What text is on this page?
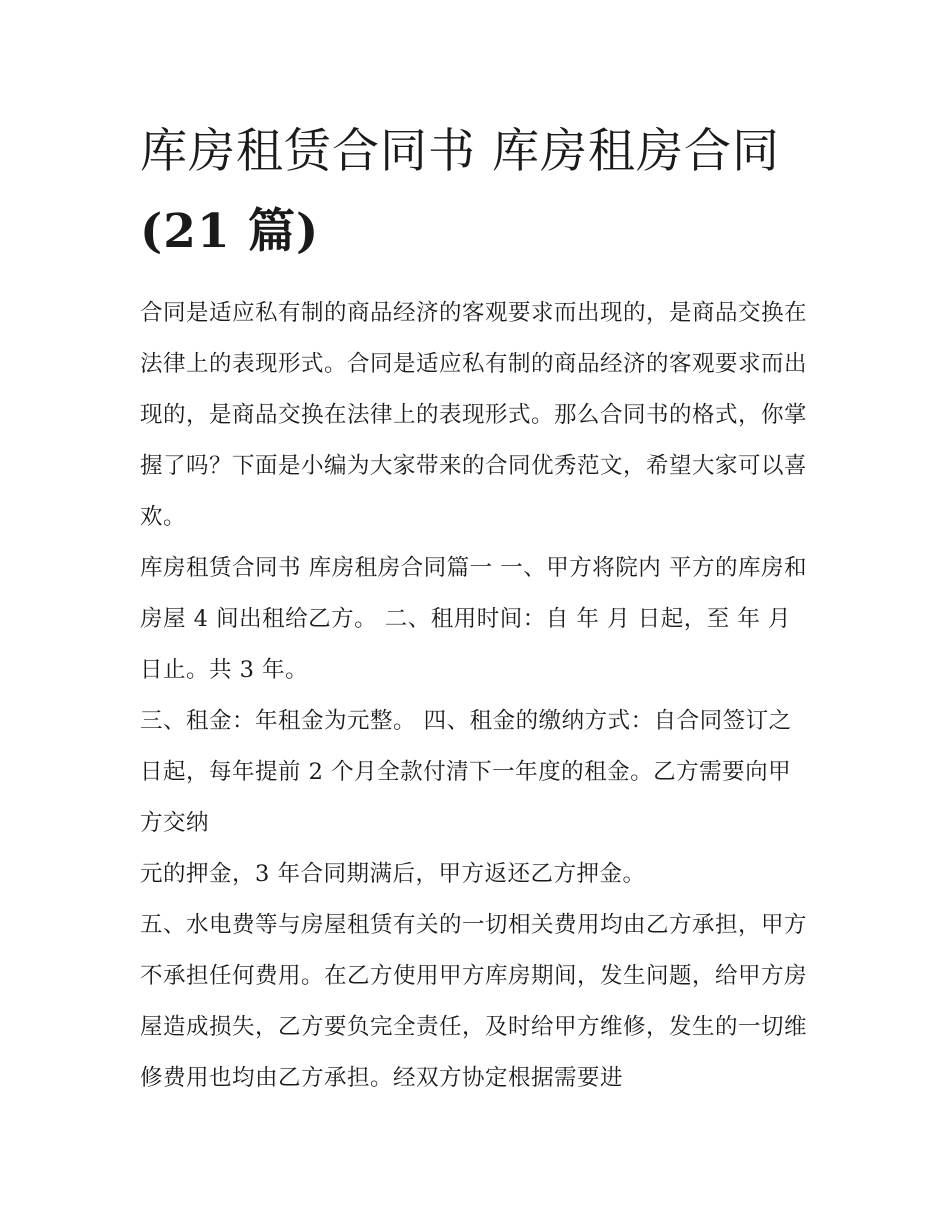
库房租赁合同书 库房租房合同
(21 篇)

合同是适应私有制的商品经济的客观要求而出现的，是商品交换在法律上的表现形式。合同是适应私有制的商品经济的客观要求而出现的，是商品交换在法律上的表现形式。那么合同书的格式，你掌握了吗？下面是小编为大家带来的合同优秀范文，希望大家可以喜欢。

库房租赁合同书 库房租房合同篇一 一、甲方将院内 平方的库房和房屋 4 间出租给乙方。 二、租用时间：自 年 月 日起，至 年 月 日止。共 3 年。

三、租金：年租金为元整。 四、租金的缴纳方式：自合同签订之日起，每年提前 2 个月全款付清下一年度的租金。乙方需要向甲方交纳

元的押金，3 年合同期满后，甲方返还乙方押金。

五、水电费等与房屋租赁有关的一切相关费用均由乙方承担，甲方不承担任何费用。在乙方使用甲方库房期间，发生问题，给甲方房屋造成损失，乙方要负完全责任，及时给甲方维修，发生的一切维修费用也均由乙方承担。经双方协定根据需要进
